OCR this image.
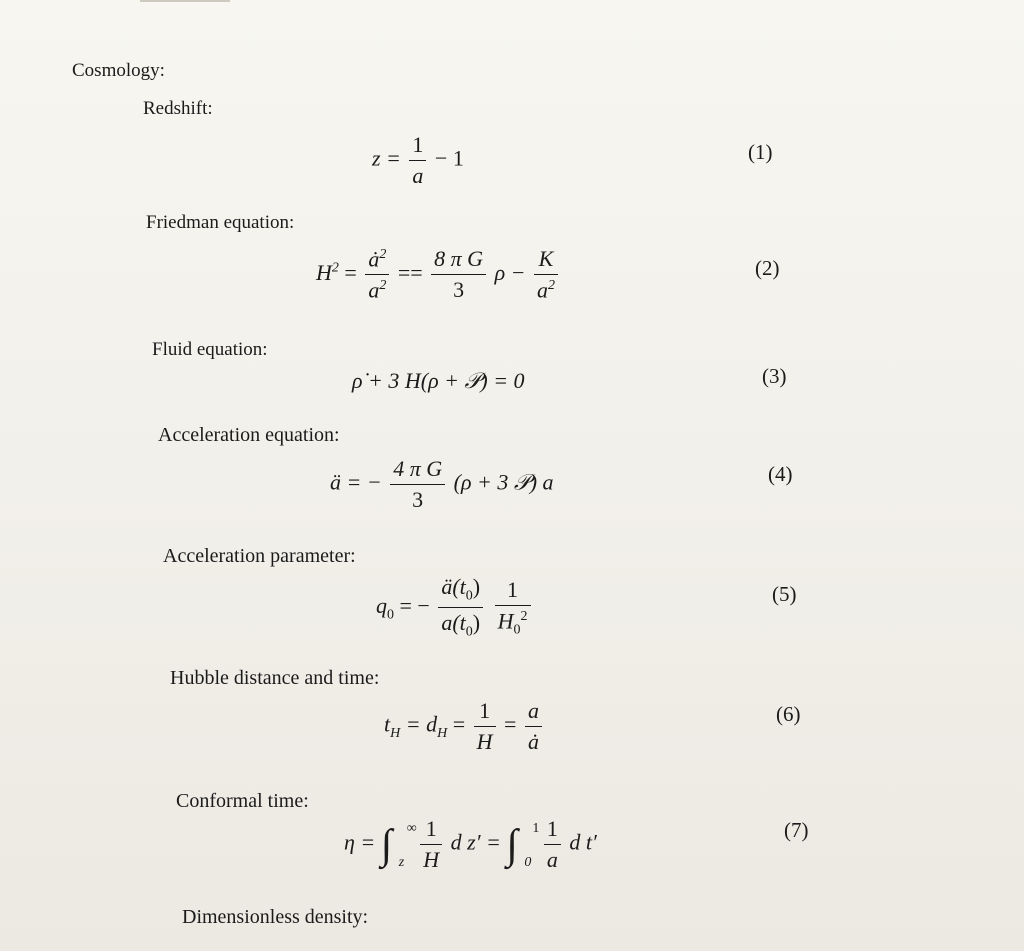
Cosmology:
Redshift:
$z = \frac{1}{a} - 1$	(1)
Friedman equation:
$H^2 = \frac{ȧ^2}{a^2} == \frac{\text{8 π G}}{3}$ $\rho - \frac{K}{a^2}$	(2)
Fluid equation:
ρ̇ + 3 H(ρ + 𝒫) = 0	(3)
Acceleration equation:
ä = − $\frac{\text{4 π G}}{3} (\rho + 3$ 𝒫) a	(4)
Acceleration parameter:
$q_0$ = − $\frac{ä(t_0)}{a(t_0)}$
$\frac{1}{H_0^2}$	(5)
Hubble distance and time:
$t_H = d_H = \frac{1}{H} = \frac{a}{ȧ}$	(6)
Conformal time:
η = ∫ ∞
z
$\frac{1}{H}$ d z′ = ∫ 1
0
$\frac{1}{a}$ d t′	(7)
Dimensionless density:
